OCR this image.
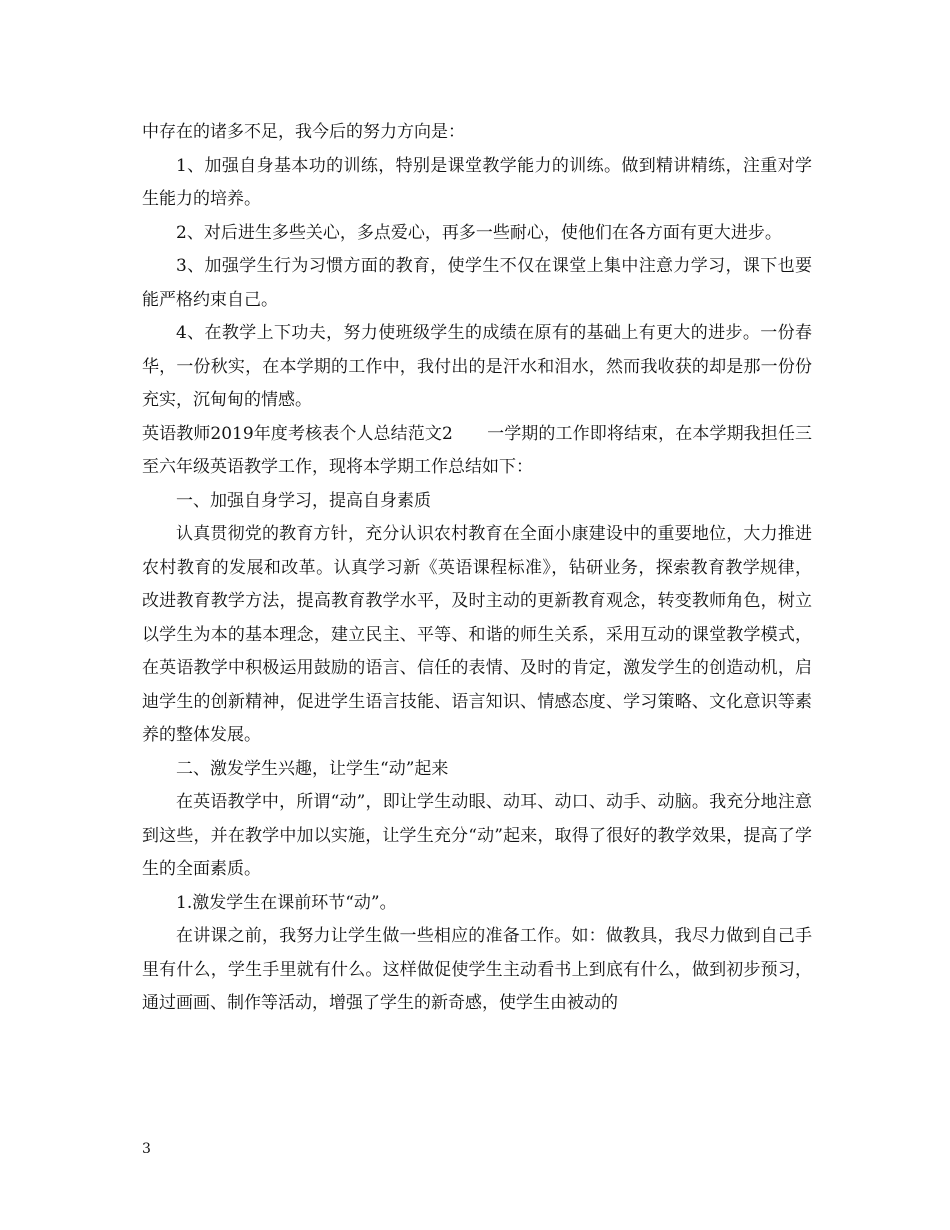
中存在的诸多不足，我今后的努力方向是：

1、加强自身基本功的训练，特别是课堂教学能力的训练。做到精讲精练，注重对学生能力的培养。

2、对后进生多些关心，多点爱心，再多一些耐心，使他们在各方面有更大进步。

3、加强学生行为习惯方面的教育，使学生不仅在课堂上集中注意力学习，课下也要能严格约束自己。

4、在教学上下功夫，努力使班级学生的成绩在原有的基础上有更大的进步。一份春华，一份秋实，在本学期的工作中，我付出的是汗水和泪水，然而我收获的却是那一份份充实，沉甸甸的情感。

英语教师2019年度考核表个人总结范文2　　一学期的工作即将结束，在本学期我担任三至六年级英语教学工作，现将本学期工作总结如下：

一、加强自身学习，提高自身素质

认真贯彻党的教育方针，充分认识农村教育在全面小康建设中的重要地位，大力推进农村教育的发展和改革。认真学习新《英语课程标准》，钻研业务，探索教育教学规律，改进教育教学方法，提高教育教学水平，及时主动的更新教育观念，转变教师角色，树立以学生为本的基本理念，建立民主、平等、和谐的师生关系，采用互动的课堂教学模式，在英语教学中积极运用鼓励的语言、信任的表情、及时的肯定，激发学生的创造动机，启迪学生的创新精神，促进学生语言技能、语言知识、情感态度、学习策略、文化意识等素养的整体发展。

二、激发学生兴趣，让学生“动”起来

在英语教学中，所谓“动”，即让学生动眼、动耳、动口、动手、动脑。我充分地注意到这些，并在教学中加以实施，让学生充分“动”起来，取得了很好的教学效果，提高了学生的全面素质。

1.激发学生在课前环节“动”。

在讲课之前，我努力让学生做一些相应的准备工作。如：做教具，我尽力做到自己手里有什么，学生手里就有什么。这样做促使学生主动看书上到底有什么，做到初步预习，通过画画、制作等活动，增强了学生的新奇感，使学生由被动的

3
